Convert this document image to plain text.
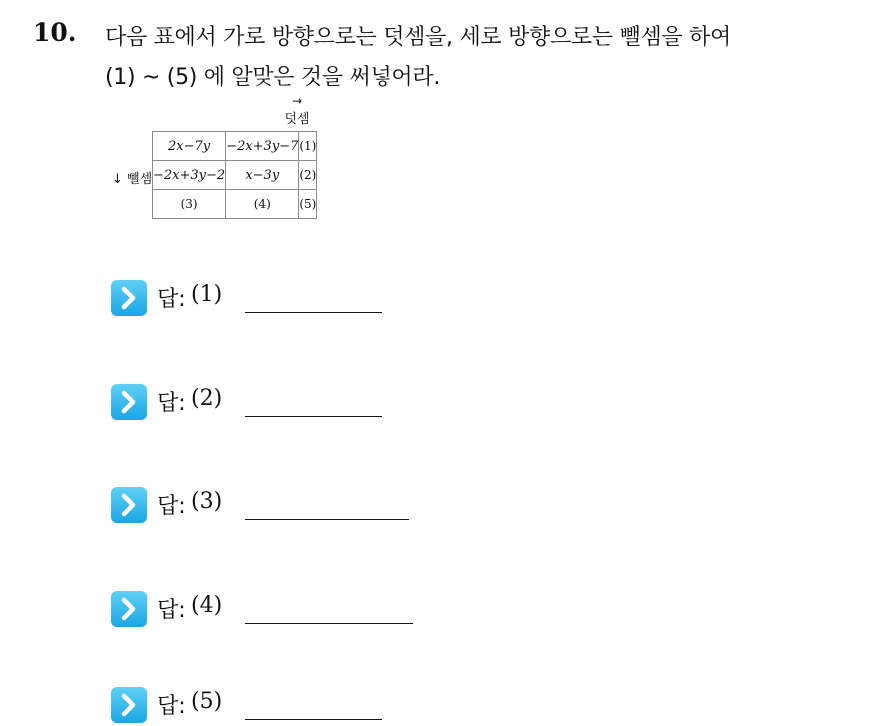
10. 다음 표에서 가로 방향으로는 덧셈을, 세로 방향으로는 뺄셈을 하여
(1) ~ (5) 에 알맞은 것을 써넣어라.
→
덧셈
↓ 뺄셈
2x−7y	−2x+3y−7	(1)
−2x+3y−2	x−3y	(2)
(3)	(4)	(5)
답: (1)
답: (2)
답: (3)
답: (4)
답: (5)
